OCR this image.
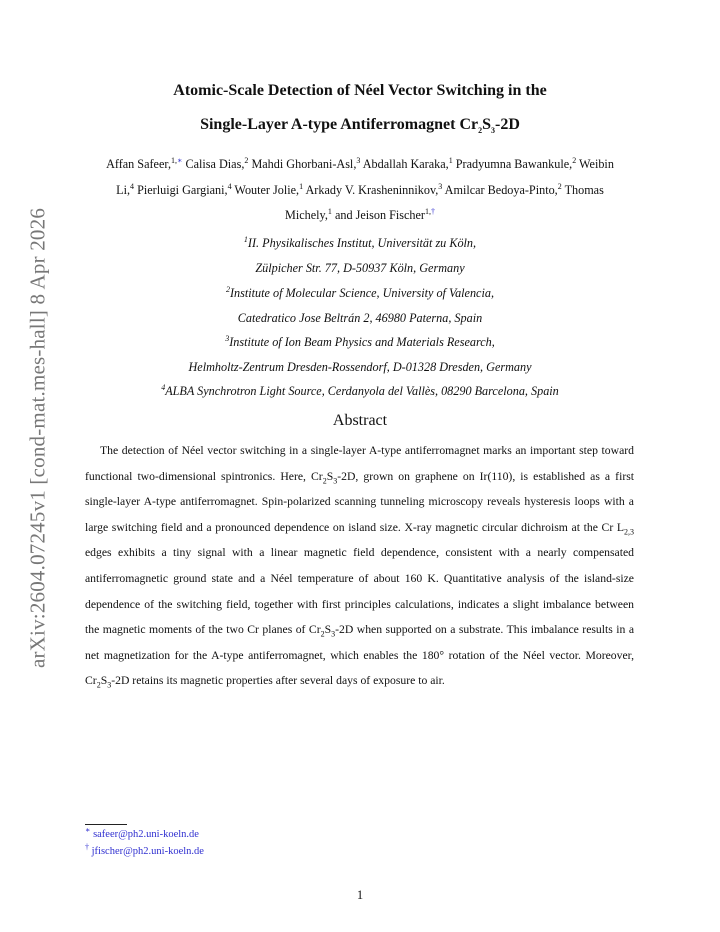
arXiv:2604.07245v1 [cond-mat.mes-hall] 8 Apr 2026
Atomic-Scale Detection of Néel Vector Switching in the
Single-Layer A-type Antiferromagnet $Cr_2S_3-2D$
Affan Safeer,$^{1,∗}$ Calisa Dias,$^2$ Mahdi Ghorbani-Asl,$^3$ Abdallah Karaka,$^1$ Pradyumna Bawankule,$^2$ Weibin Li,$^4$ Pierluigi Gargiani,$^4$ Wouter Jolie,$^1$ Arkady V. Krasheninnikov,$^3$ Amilcar Bedoya-Pinto,$^2$ Thomas Michely,$^1$ and Jeison Fischer$^{1,\dagger}$
$^1$II. Physikalisches Institut, Universität zu Köln,
Zülpicher Str. 77, D-50937 Köln, Germany
$^2$Institute of Molecular Science, University of Valencia,
Catedratico Jose Beltrán 2, 46980 Paterna, Spain
$^3$Institute of Ion Beam Physics and Materials Research,
Helmholtz-Zentrum Dresden-Rossendorf, D-01328 Dresden, Germany
$^4$ALBA Synchrotron Light Source, Cerdanyola del Vallès, 08290 Barcelona, Spain
Abstract

The detection of Néel vector switching in a single-layer A-type antiferromagnet marks an important step toward functional two-dimensional spintronics. Here, $Cr_2S_3-2D$, grown on graphene on Ir(110), is established as a first single-layer A-type antiferromagnet. Spin-polarized scanning tunneling microscopy reveals hysteresis loops with a large switching field and a pronounced dependence on island size. X-ray magnetic circular dichroism at the Cr $L_{2,3}$ edges exhibits a tiny signal with a linear magnetic field dependence, consistent with a nearly compensated antiferromagnetic ground state and a Néel temperature of about 160 K. Quantitative analysis of the island-size dependence of the switching field, together with first principles calculations, indicates a slight imbalance between the magnetic moments of the two Cr planes of $Cr_2S_3-2D$ when supported on a substrate. This imbalance results in a net magnetization for the A-type antiferromagnet, which enables the 180° rotation of the Néel vector. Moreover, $Cr_2S_3-2D$ retains its magnetic properties after several days of exposure to air.

∗ safeer@ph2.uni-koeln.de
† jfischer@ph2.uni-koeln.de
1
